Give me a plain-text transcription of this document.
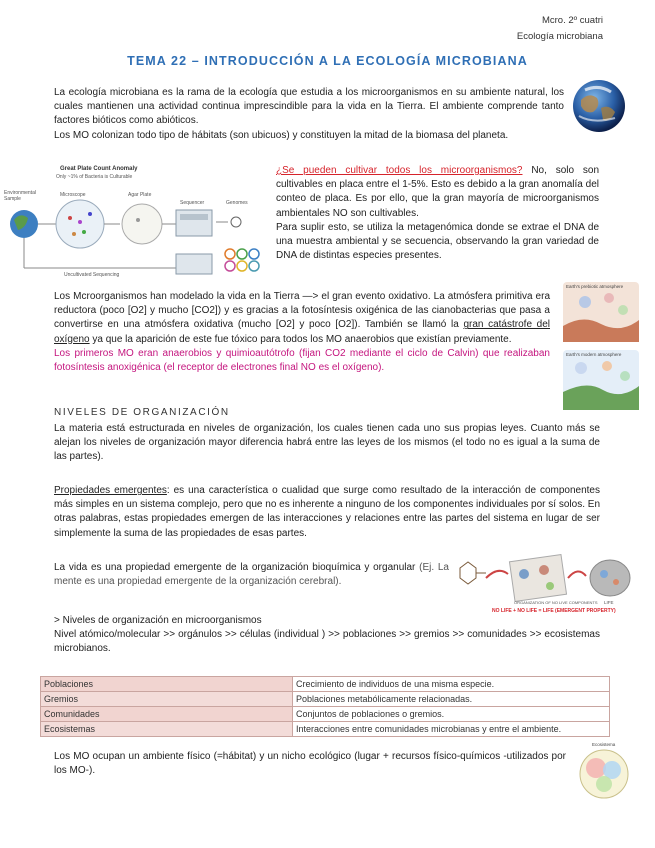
Mcro. 2º cuatri
Ecología microbiana
TEMA 22 – INTRODUCCIÓN A LA ECOLOGÍA MICROBIANA
La ecología microbiana es la rama de la ecología que estudia a los microorganismos en su ambiente natural, los cuales mantienen una actividad continua imprescindible para la vida en la Tierra. El ambiente comprende tanto factores bióticos como abióticos.
Los MO colonizan todo tipo de hábitats (son ubicuos) y constituyen la mitad de la biomasa del planeta.
Great Plate Count Anomaly
Only ~1% of Bacteria is Culturable
Environmental Sample
Microscope	Agar Plate
Sequencer	Genomes
Uncultivated Sequencing
¿Se pueden cultivar todos los microorganismos? No, solo son cultivables en placa entre el 1-5%. Esto es debido a la gran anomalía del conteo de placa. Es por ello, que la gran mayoría de microorganismos ambientales NO son cultivables.
Para suplir esto, se utiliza la metagenómica donde se extrae el DNA de una muestra ambiental y se secuencia, observando la gran variedad de DNA de distintas especies presentes.
Los Mcroorganismos han modelado la vida en la Tierra —> el gran evento oxidativo. La atmósfera primitiva era reductora (poco [O2] y mucho [CO2]) y es gracias a la fotosíntesis oxigénica de las cianobacterias que pasa a convertirse en una atmósfera oxidativa (mucho [O2] y poco [O2]). También se llamó la gran catástrofe del oxígeno ya que la aparición de este fue tóxico para todos los MO anaerobios que existían previamente.
Los primeros MO eran anaerobios y quimioautótrofo (fijan CO2 mediante el ciclo de Calvin) que realizaban fotosíntesis anoxigénica (el receptor de electrones final NO es el oxígeno).
Earth's prebiotic atmosphere
Earth's modern atmosphere
NIVELES DE ORGANIZACIÓN
La materia está estructurada en niveles de organización, los cuales tienen cada uno sus propias leyes. Cuanto más se alejan los niveles de organización mayor diferencia habrá entre las leyes de los mismos (el todo no es igual a la suma de las partes).
Propiedades emergentes: es una característica o cualidad que surge como resultado de la interacción de componentes más simples en un sistema complejo, pero que no es inherente a ninguno de los componentes individuales por sí solos. En otras palabras, estas propiedades emergen de las interacciones y relaciones entre las partes del sistema en lugar de ser simplemente la suma de las propiedades de esas partes.
La vida es una propiedad emergente de la organización bioquímica y organular (Ej. La mente es una propiedad emergente de la organización cerebral).
ORGANIZATION OF NO LIVE COMPONENTS LIFE
NO LIFE + NO LIFE = LIFE (EMERGENT PROPERTY)
> Niveles de organización en microorganismos
Nivel atómico/molecular >> orgánulos >> células (individual ) >> poblaciones >> gremios >> comunidades >> ecosistemas microbianos.
Poblaciones	Crecimiento de individuos de una misma especie.
Gremios	Poblaciones metabólicamente relacionadas.
Comunidades	Conjuntos de poblaciones o gremios.
Ecosistemas	Interacciones entre comunidades microbianas y entre el ambiente.
Los MO ocupan un ambiente físico (=hábitat) y un nicho ecológico (lugar + recursos físico-químicos -utilizados por los MO-).
Ecosistema
